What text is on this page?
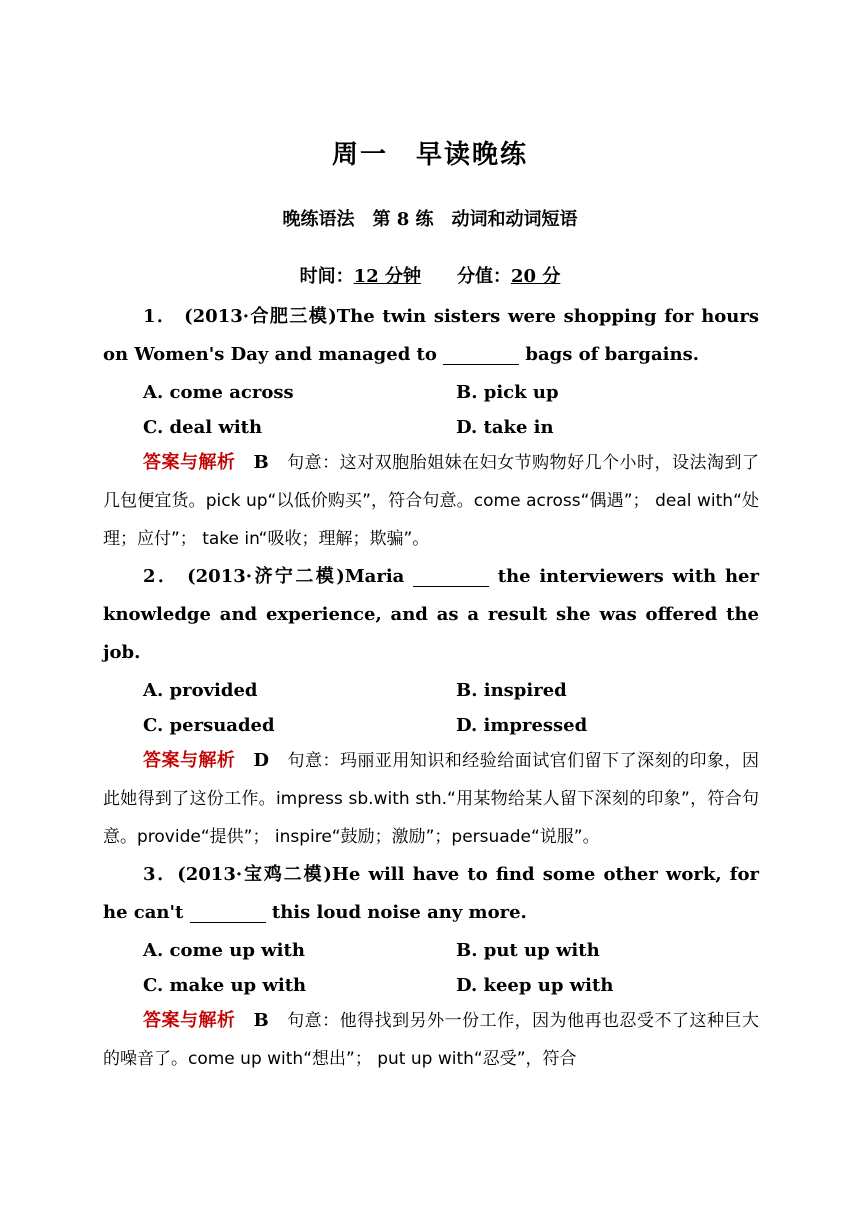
周一　早读晚练
晚练语法　第 8 练　动词和动词短语
时间：12 分钟 分值：20 分
1． (2013·合肥三模)The twin sisters were shopping for hours on Women's Day and managed to	bags of bargains.
A. come across	B. pick up
C. deal with	D. take in
答案与解析 B 句意：这对双胞胎姐妹在妇女节购物好几个小时，设法淘到了几包便宜货。pick up“以低价购买”，符合句意。come across“偶遇”； deal with“处理；应付”； take in“吸收；理解；欺骗”。
2． (2013·济宁二模)Maria	the interviewers with her knowledge and experience, and as a result she was offered the job.
A. provided	B. inspired
C. persuaded	D. impressed
答案与解析 D 句意：玛丽亚用知识和经验给面试官们留下了深刻的印象，因此她得到了这份工作。impress sb.with sth.“用某物给某人留下深刻的印象”，符合句意。provide“提供”； inspire“鼓励；激励”；persuade“说服”。
3．(2013·宝鸡二模)He will have to find some other work, for he can't	this loud noise any more.
A. come up with	B. put up with
C. make up with	D. keep up with
答案与解析 B 句意：他得找到另外一份工作，因为他再也忍受不了这种巨大的噪音了。come up with“想出”； put up with“忍受”，符合
